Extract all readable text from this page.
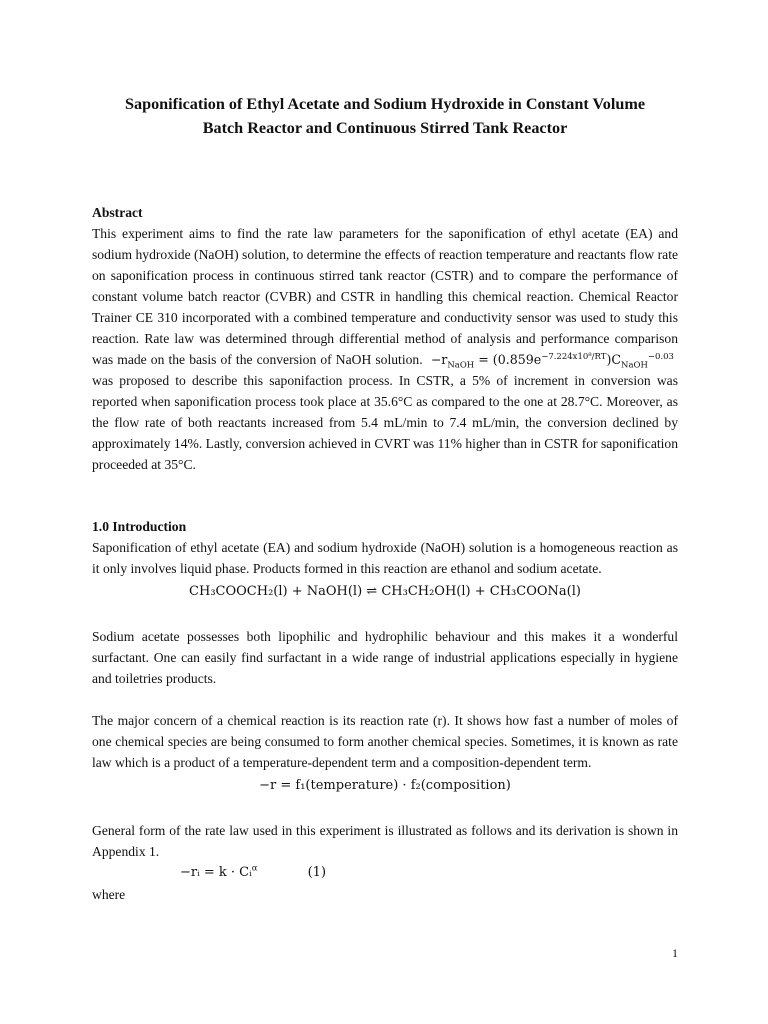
Saponification of Ethyl Acetate and Sodium Hydroxide in Constant Volume
Batch Reactor and Continuous Stirred Tank Reactor
Abstract

This experiment aims to find the rate law parameters for the saponification of ethyl acetate (EA) and sodium hydroxide (NaOH) solution, to determine the effects of reaction temperature and reactants flow rate on saponification process in continuous stirred tank reactor (CSTR) and to compare the performance of constant volume batch reactor (CVBR) and CSTR in handling this chemical reaction. Chemical Reactor Trainer CE 310 incorporated with a combined temperature and conductivity sensor was used to study this reaction. Rate law was determined through differential method of analysis and performance comparison was made on the basis of the conversion of NaOH solution. $-r_{NaOH} = (0.859e^{-7.224x10^8/RT})C_{NaOH}^{-0.03}$  was proposed to describe this saponifaction process. In CSTR, a 5% of increment in conversion was reported when saponification process took place at 35.6°C as compared to the one at 28.7°C. Moreover, as the flow rate of both reactants increased from 5.4 mL/min to 7.4 mL/min, the conversion declined by approximately 14%. Lastly, conversion achieved in CVRT was 11% higher than in CSTR for saponification proceeded at 35°C.

1.0 Introduction

Saponification of ethyl acetate (EA) and sodium hydroxide (NaOH) solution is a homogeneous reaction as it only involves liquid phase. Products formed in this reaction are ethanol and sodium acetate.

CH₃COOCH₂(l) + NaOH(l) ⇌ CH₃CH₂OH(l) + CH₃COONa(l)

Sodium acetate possesses both lipophilic and hydrophilic behaviour and this makes it a wonderful surfactant. One can easily find surfactant in a wide range of industrial applications especially in hygiene and toiletries products.

The major concern of a chemical reaction is its reaction rate (r). It shows how fast a number of moles of one chemical species are being consumed to form another chemical species. Sometimes, it is known as rate law which is a product of a temperature-dependent term and a composition-dependent term.

−r = f₁(temperature) · f₂(composition)

General form of the rate law used in this experiment is illustrated as follows and its derivation is shown in Appendix 1.

−rᵢ = k · Cᵢ$^\alpha$	(1)

where

1
